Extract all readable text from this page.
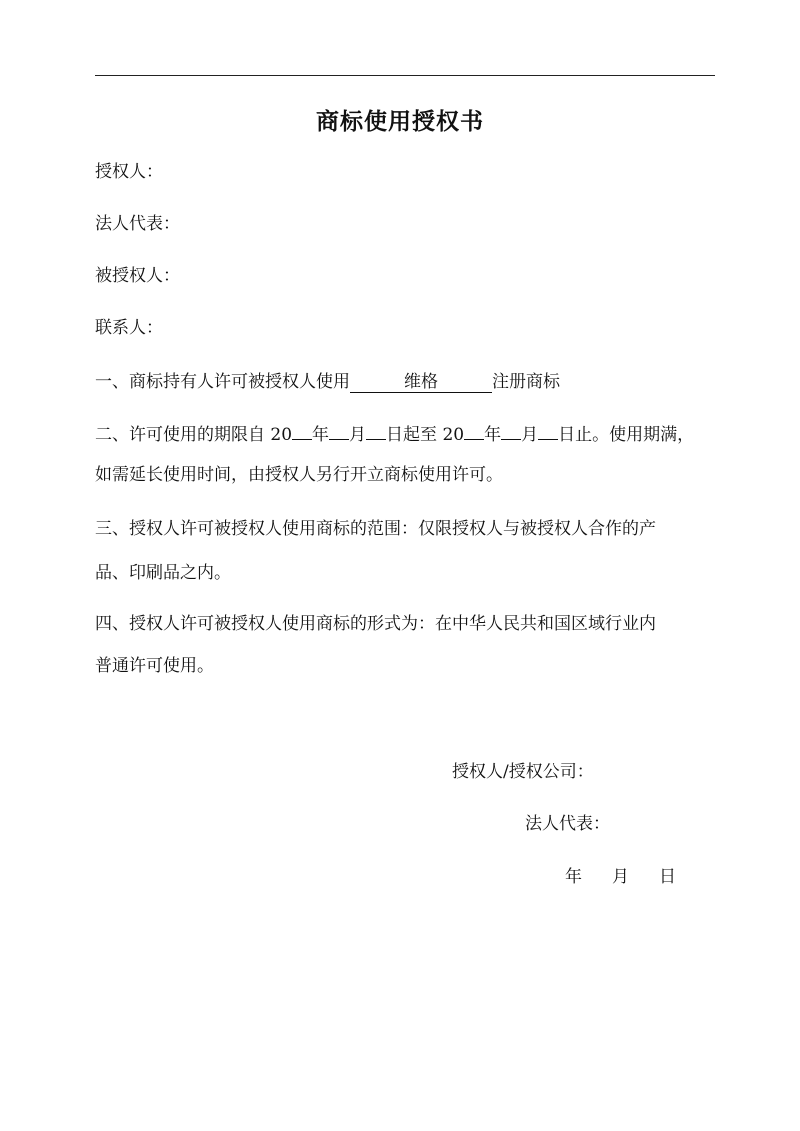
商标使用授权书
授权人：
法人代表：
被授权人：
联系人：
一、商标持有人许可被授权人使用	维格	注册商标
二、许可使用的期限自 20 年 月 日起至 20 年 月 日止。使用期满，
如需延长使用时间，由授权人另行开立商标使用许可。
三、授权人许可被授权人使用商标的范围：仅限授权人与被授权人合作的产
品、印刷品之内。
四、授权人许可被授权人使用商标的形式为：在中华人民共和国区域行业内
普通许可使用。
授权人/授权公司：
法人代表：
年 月 日
